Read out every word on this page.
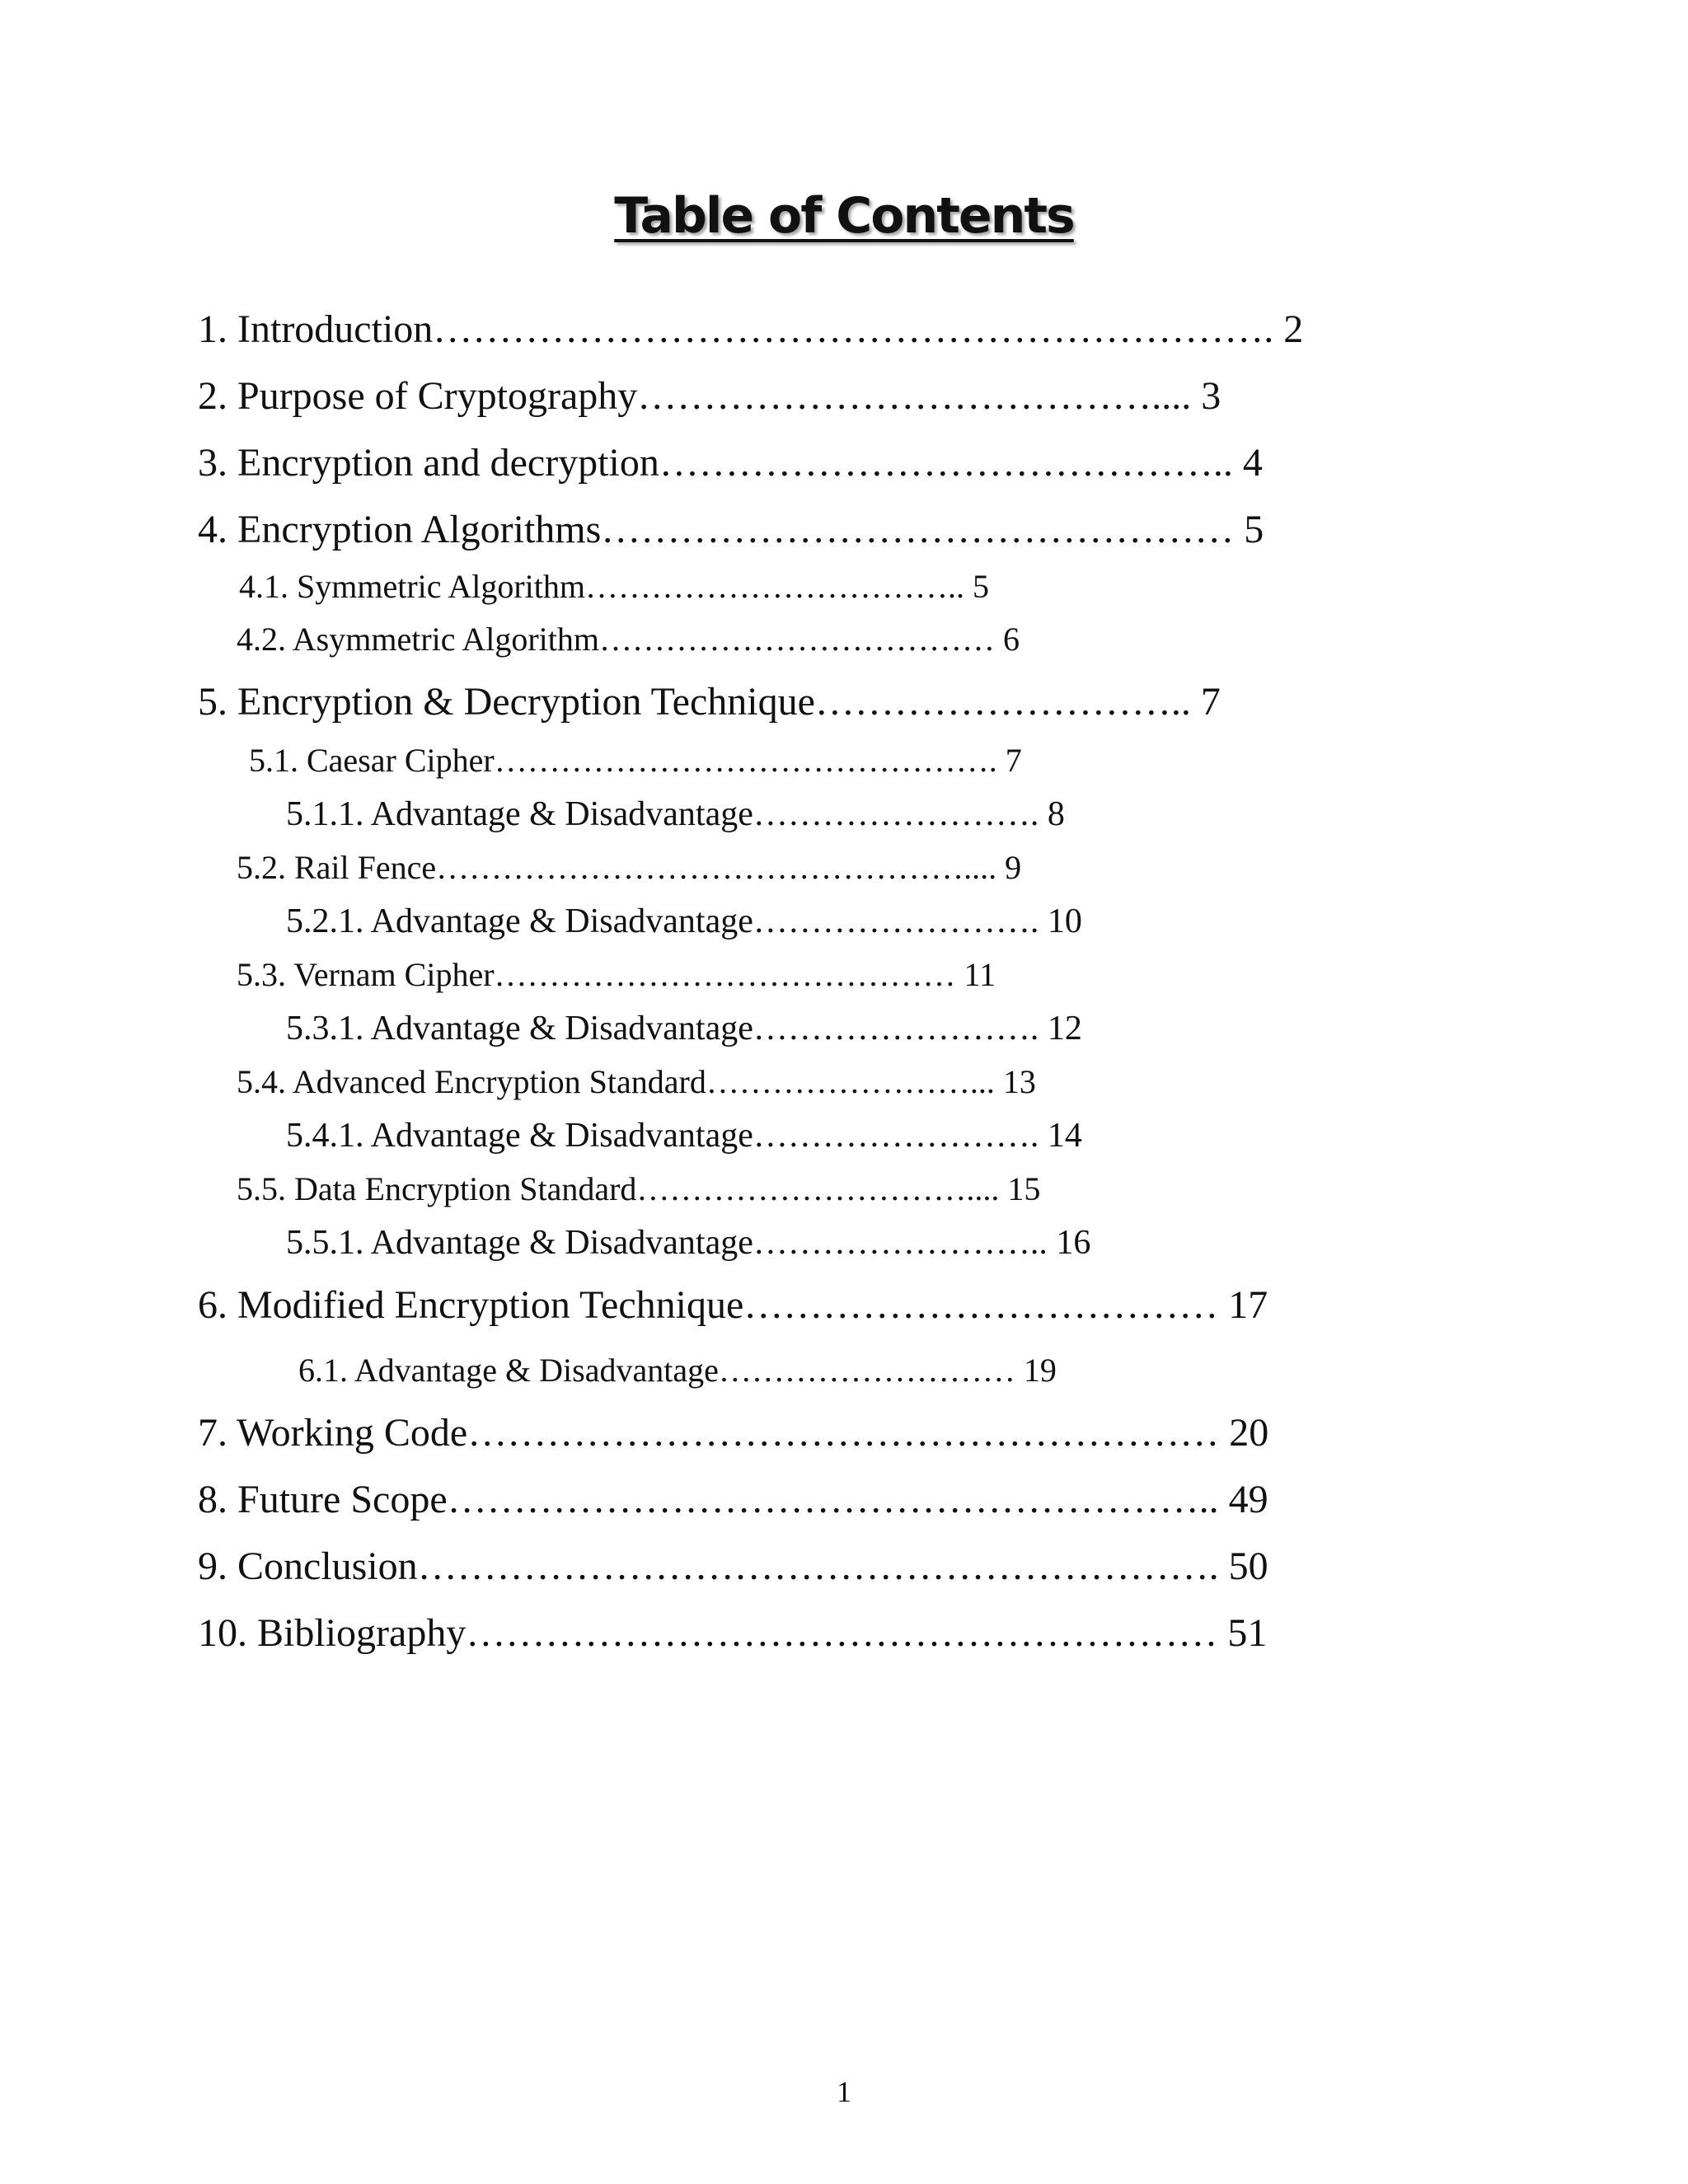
Table of Contents
1. Introduction………………………………………………………. 2
2. Purpose of Cryptography………………………………….... 3
3. Encryption and decryption…………………………………….. 4
4. Encryption Algorithms………………………………………… 5
4.1. Symmetric Algorithm…………………………….. 5
4.2. Asymmetric Algorithm……………………………… 6
5. Encryption & Decryption Technique……………………….. 7
5.1. Caesar Cipher………………………………………. 7
5.1.1. Advantage & Disadvantage……………………. 8
5.2. Rail Fence………………………………………….... 9
5.2.1. Advantage & Disadvantage……………………. 10
5.3. Vernam Cipher…………………………………… 11
5.3.1. Advantage & Disadvantage……………………. 12
5.4. Advanced Encryption Standard……………………... 13
5.4.1. Advantage & Disadvantage……………………. 14
5.5. Data Encryption Standard………………………….... 15
5.5.1. Advantage & Disadvantage…………………….. 16
6. Modified Encryption Technique……………………………… 17
6.1. Advantage & Disadvantage……………………… 19
7. Working Code………………………………………………… 20
8. Future Scope………………………………………………….. 49
9. Conclusion……………………………………………………. 50
10. Bibliography………………………………………………… 51
1
